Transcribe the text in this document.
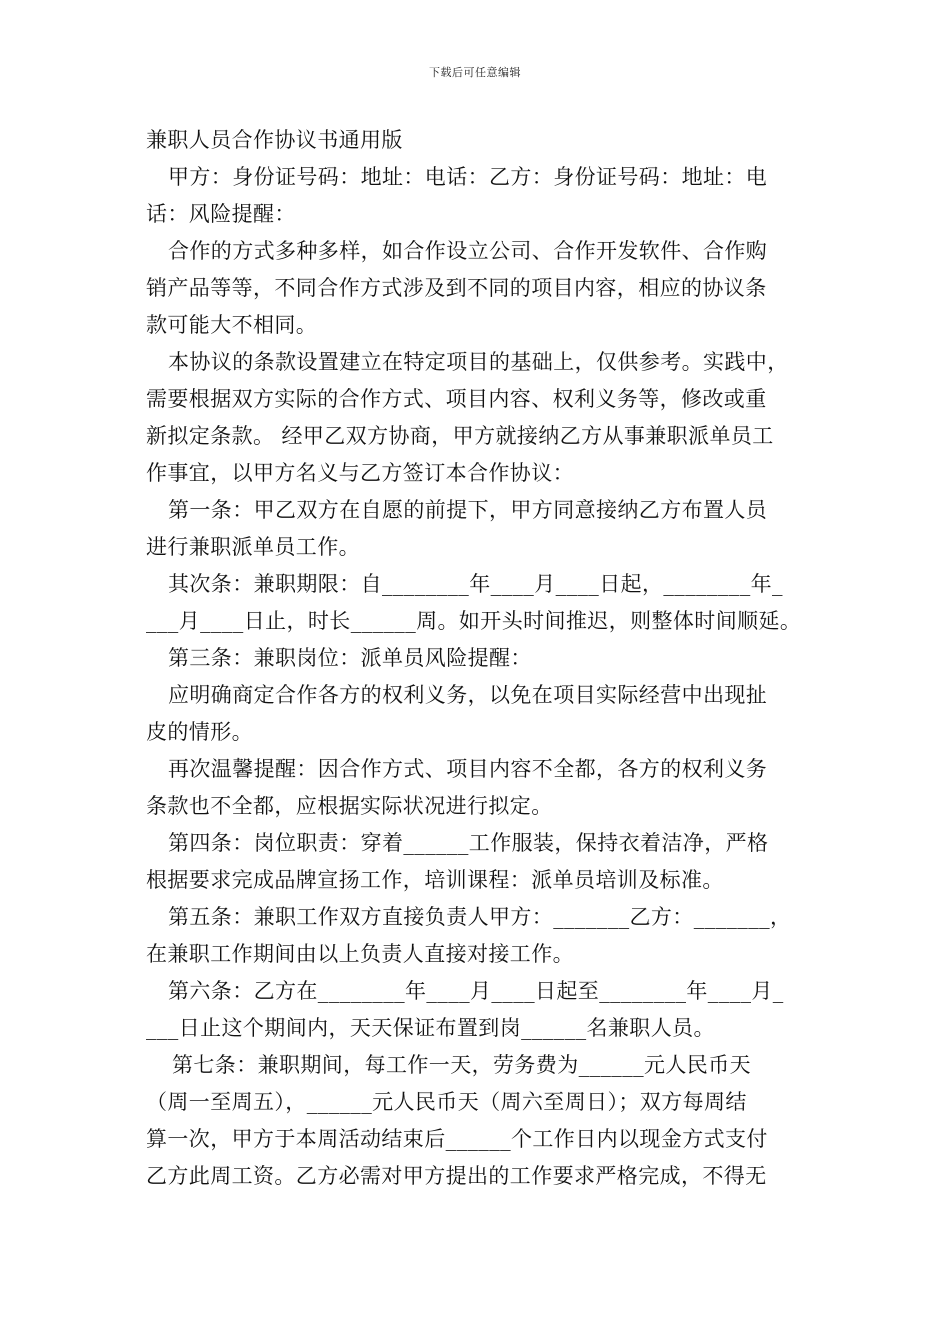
下载后可任意编辑
兼职人员合作协议书通用版
甲方：身份证号码：地址：电话：乙方：身份证号码：地址：电
话：风险提醒：
合作的方式多种多样，如合作设立公司、合作开发软件、合作购
销产品等等，不同合作方式涉及到不同的项目内容，相应的协议条
款可能大不相同。
本协议的条款设置建立在特定项目的基础上，仅供参考。实践中，
需要根据双方实际的合作方式、项目内容、权利义务等，修改或重
新拟定条款。 经甲乙双方协商，甲方就接纳乙方从事兼职派单员工
作事宜，以甲方名义与乙方签订本合作协议：
第一条：甲乙双方在自愿的前提下，甲方同意接纳乙方布置人员
进行兼职派单员工作。
其次条：兼职期限：自________年____月____日起，________年_
___月____日止，时长______周。如开头时间推迟，则整体时间顺延。
第三条：兼职岗位：派单员风险提醒：
应明确商定合作各方的权利义务，以免在项目实际经营中出现扯
皮的情形。
再次温馨提醒：因合作方式、项目内容不全都，各方的权利义务
条款也不全都，应根据实际状况进行拟定。
第四条：岗位职责：穿着______工作服装，保持衣着洁净，严格
根据要求完成品牌宣扬工作，培训课程：派单员培训及标准。
第五条：兼职工作双方直接负责人甲方：_______乙方：_______，
在兼职工作期间由以上负责人直接对接工作。
第六条：乙方在________年____月____日起至________年____月_
___日止这个期间内，天天保证布置到岗______名兼职人员。
第七条：兼职期间，每工作一天，劳务费为______元人民币天
（周一至周五），______元人民币天（周六至周日）；双方每周结
算一次，甲方于本周活动结束后______个工作日内以现金方式支付
乙方此周工资。乙方必需对甲方提出的工作要求严格完成，不得无
